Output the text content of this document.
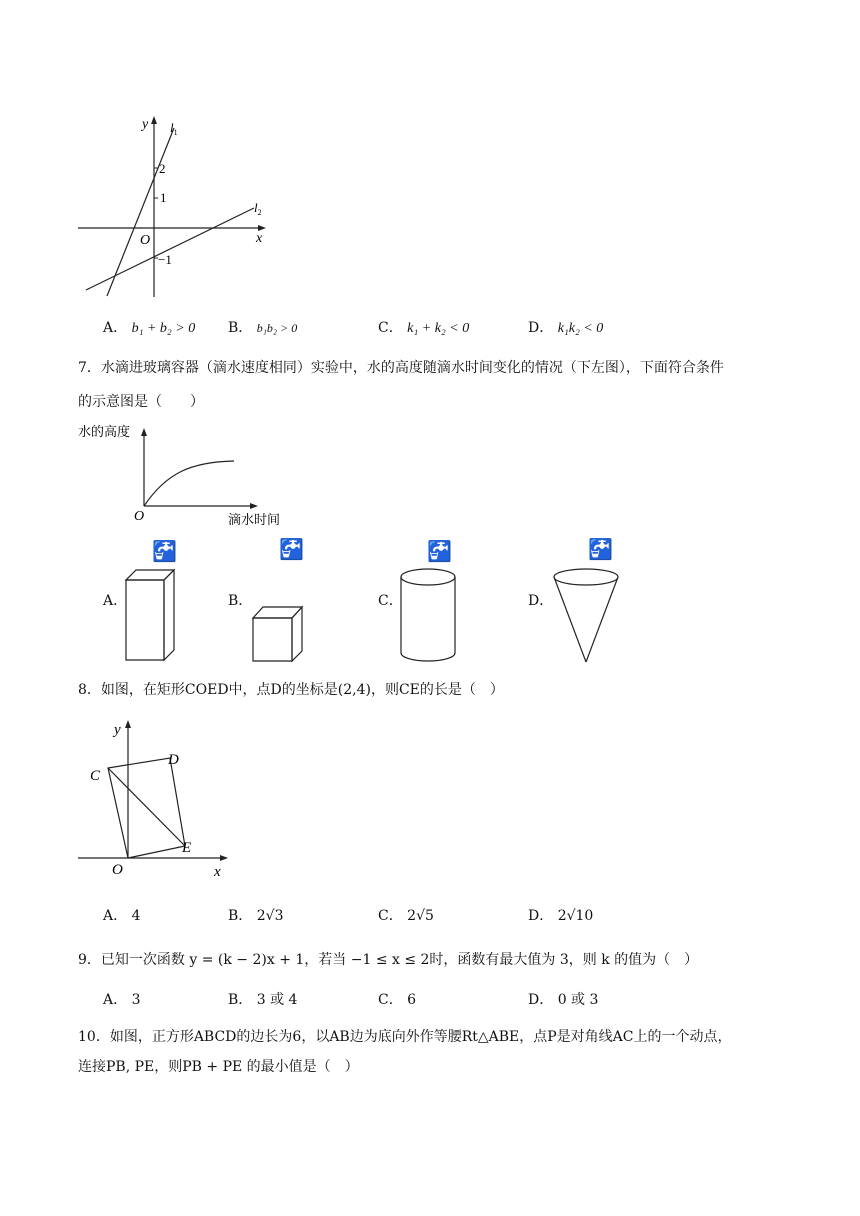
y
x
O
2
1
−1
$l_1$
$l_2$
A． b₁ + b₂ > 0 B． b₁b₂ > 0	C． k₁ + k₂ < 0	D． k₁k₂ < 0
7．水滴进玻璃容器（滴水速度相同）实验中，水的高度随滴水时间变化的情况（下左图），下面符合条件
的示意图是（　　）
水的高度
O	滴水时间
A．
🚰
B．
🚰
C．
🚰
D．
🚰
8．如图，在矩形COED中，点D的坐标是(2,4)，则CE的长是（　）
y
x
O
C
D
E
A． 4	B． 2√3	C． 2√5	D． 2√10
9．已知一次函数 y = (k − 2)x + 1，若当 −1 ≤ x ≤ 2时，函数有最大值为 3，则 k 的值为（　）
A． 3	B． 3 或 4	C． 6	D． 0 或 3
10．如图，正方形ABCD的边长为6，以AB边为底向外作等腰Rt△ABE，点P是对角线AC上的一个动点，
连接PB, PE，则PB + PE 的最小值是（　）
